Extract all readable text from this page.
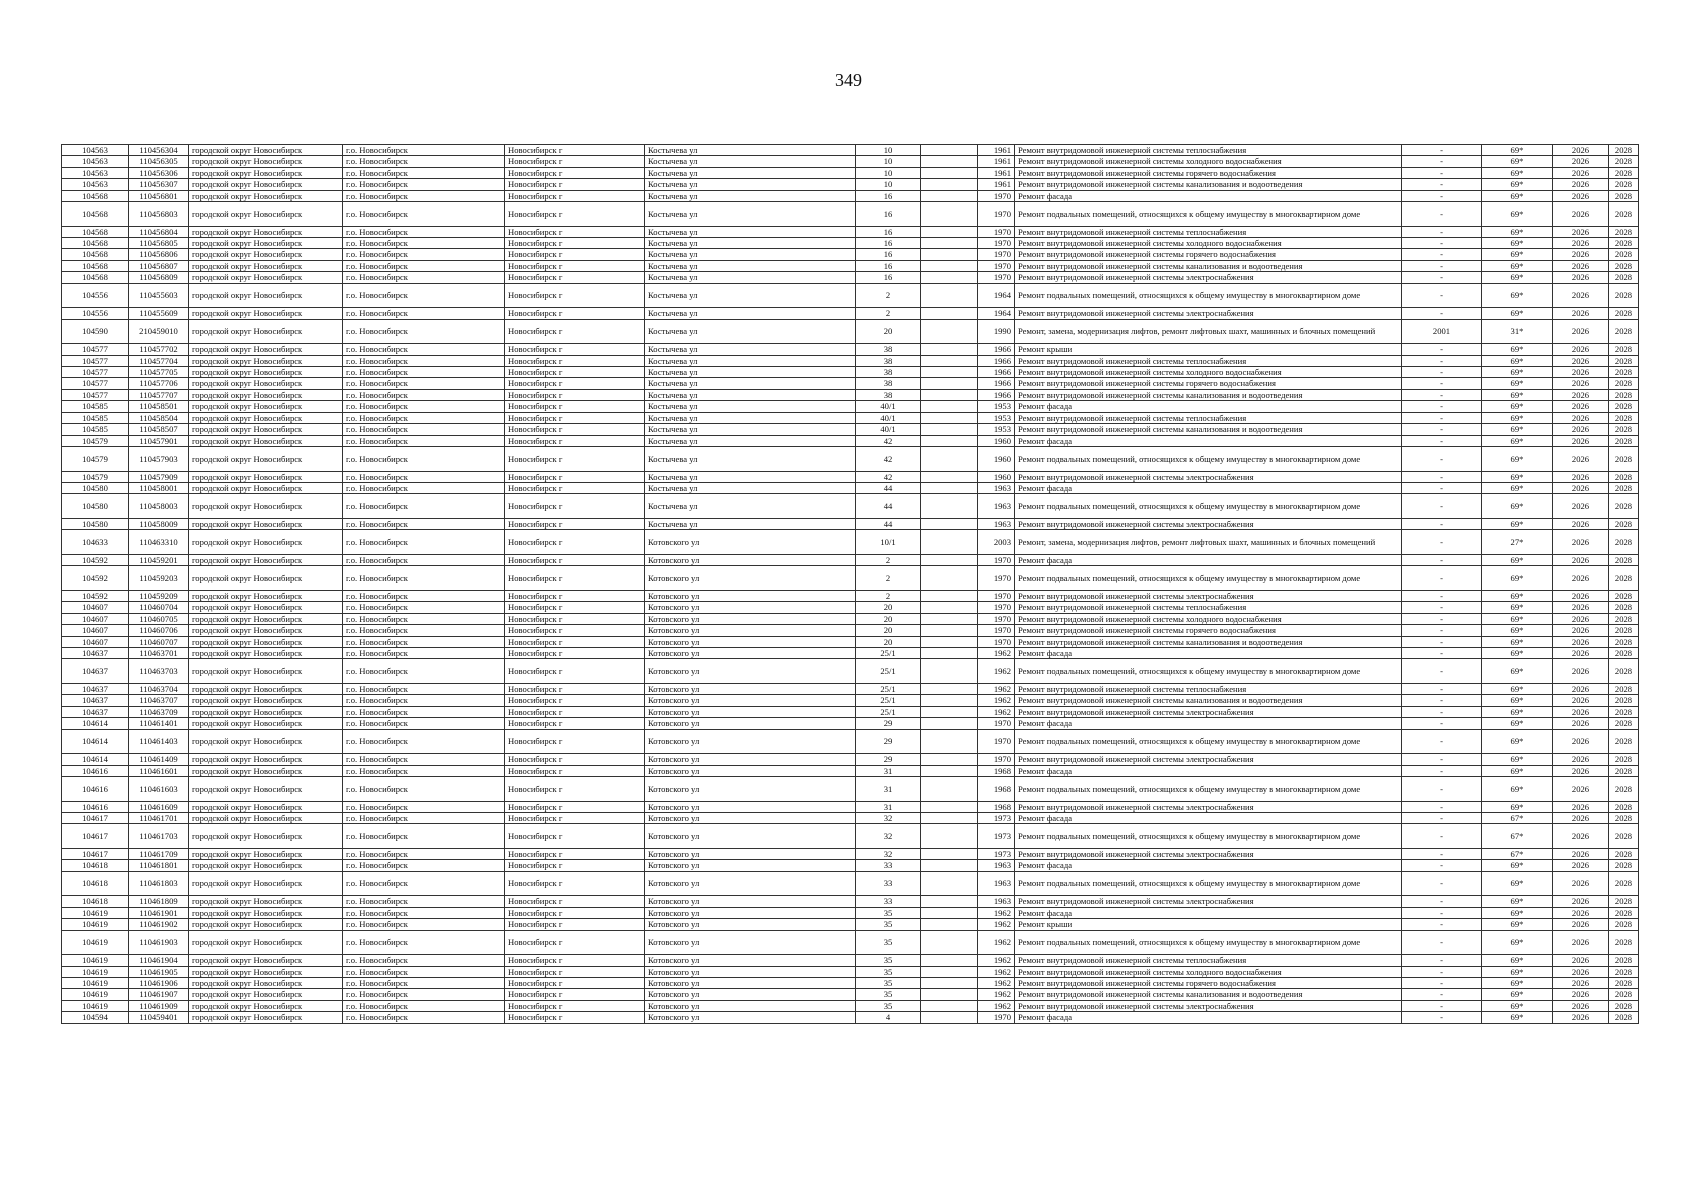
349
104563	110456304	городской округ Новосибирск	г.о. Новосибирск	Новосибирск г	Костычева ул	10		1961	Ремонт внутридомовой инженерной системы теплоснабжения	-	69*	2026	2028
104563	110456305	городской округ Новосибирск	г.о. Новосибирск	Новосибирск г	Костычева ул	10		1961	Ремонт внутридомовой инженерной системы холодного водоснабжения	-	69*	2026	2028
104563	110456306	городской округ Новосибирск	г.о. Новосибирск	Новосибирск г	Костычева ул	10		1961	Ремонт внутридомовой инженерной системы горячего водоснабжения	-	69*	2026	2028
104563	110456307	городской округ Новосибирск	г.о. Новосибирск	Новосибирск г	Костычева ул	10		1961	Ремонт внутридомовой инженерной системы канализования и водоотведения	-	69*	2026	2028
104568	110456801	городской округ Новосибирск	г.о. Новосибирск	Новосибирск г	Костычева ул	16		1970	Ремонт фасада	-	69*	2026	2028
104568	110456803	городской округ Новосибирск	г.о. Новосибирск	Новосибирск г	Костычева ул	16		1970	Ремонт подвальных помещений, относящихся к общему имуществу в многоквартирном доме	-	69*	2026	2028
104568	110456804	городской округ Новосибирск	г.о. Новосибирск	Новосибирск г	Костычева ул	16		1970	Ремонт внутридомовой инженерной системы теплоснабжения	-	69*	2026	2028
104568	110456805	городской округ Новосибирск	г.о. Новосибирск	Новосибирск г	Костычева ул	16		1970	Ремонт внутридомовой инженерной системы холодного водоснабжения	-	69*	2026	2028
104568	110456806	городской округ Новосибирск	г.о. Новосибирск	Новосибирск г	Костычева ул	16		1970	Ремонт внутридомовой инженерной системы горячего водоснабжения	-	69*	2026	2028
104568	110456807	городской округ Новосибирск	г.о. Новосибирск	Новосибирск г	Костычева ул	16		1970	Ремонт внутридомовой инженерной системы канализования и водоотведения	-	69*	2026	2028
104568	110456809	городской округ Новосибирск	г.о. Новосибирск	Новосибирск г	Костычева ул	16		1970	Ремонт внутридомовой инженерной системы электроснабжения	-	69*	2026	2028
104556	110455603	городской округ Новосибирск	г.о. Новосибирск	Новосибирск г	Костычева ул	2		1964	Ремонт подвальных помещений, относящихся к общему имуществу в многоквартирном доме	-	69*	2026	2028
104556	110455609	городской округ Новосибирск	г.о. Новосибирск	Новосибирск г	Костычева ул	2		1964	Ремонт внутридомовой инженерной системы электроснабжения	-	69*	2026	2028
104590	210459010	городской округ Новосибирск	г.о. Новосибирск	Новосибирск г	Костычева ул	20		1990	Ремонт, замена, модернизация лифтов, ремонт лифтовых шахт, машинных и блочных помещений	2001	31*	2026	2028
104577	110457702	городской округ Новосибирск	г.о. Новосибирск	Новосибирск г	Костычева ул	38		1966	Ремонт крыши	-	69*	2026	2028
104577	110457704	городской округ Новосибирск	г.о. Новосибирск	Новосибирск г	Костычева ул	38		1966	Ремонт внутридомовой инженерной системы теплоснабжения	-	69*	2026	2028
104577	110457705	городской округ Новосибирск	г.о. Новосибирск	Новосибирск г	Костычева ул	38		1966	Ремонт внутридомовой инженерной системы холодного водоснабжения	-	69*	2026	2028
104577	110457706	городской округ Новосибирск	г.о. Новосибирск	Новосибирск г	Костычева ул	38		1966	Ремонт внутридомовой инженерной системы горячего водоснабжения	-	69*	2026	2028
104577	110457707	городской округ Новосибирск	г.о. Новосибирск	Новосибирск г	Костычева ул	38		1966	Ремонт внутридомовой инженерной системы канализования и водоотведения	-	69*	2026	2028
104585	110458501	городской округ Новосибирск	г.о. Новосибирск	Новосибирск г	Костычева ул	40/1		1953	Ремонт фасада	-	69*	2026	2028
104585	110458504	городской округ Новосибирск	г.о. Новосибирск	Новосибирск г	Костычева ул	40/1		1953	Ремонт внутридомовой инженерной системы теплоснабжения	-	69*	2026	2028
104585	110458507	городской округ Новосибирск	г.о. Новосибирск	Новосибирск г	Костычева ул	40/1		1953	Ремонт внутридомовой инженерной системы канализования и водоотведения	-	69*	2026	2028
104579	110457901	городской округ Новосибирск	г.о. Новосибирск	Новосибирск г	Костычева ул	42		1960	Ремонт фасада	-	69*	2026	2028
104579	110457903	городской округ Новосибирск	г.о. Новосибирск	Новосибирск г	Костычева ул	42		1960	Ремонт подвальных помещений, относящихся к общему имуществу в многоквартирном доме	-	69*	2026	2028
104579	110457909	городской округ Новосибирск	г.о. Новосибирск	Новосибирск г	Костычева ул	42		1960	Ремонт внутридомовой инженерной системы электроснабжения	-	69*	2026	2028
104580	110458001	городской округ Новосибирск	г.о. Новосибирск	Новосибирск г	Костычева ул	44		1963	Ремонт фасада	-	69*	2026	2028
104580	110458003	городской округ Новосибирск	г.о. Новосибирск	Новосибирск г	Костычева ул	44		1963	Ремонт подвальных помещений, относящихся к общему имуществу в многоквартирном доме	-	69*	2026	2028
104580	110458009	городской округ Новосибирск	г.о. Новосибирск	Новосибирск г	Костычева ул	44		1963	Ремонт внутридомовой инженерной системы электроснабжения	-	69*	2026	2028
104633	110463310	городской округ Новосибирск	г.о. Новосибирск	Новосибирск г	Котовского ул	10/1		2003	Ремонт, замена, модернизация лифтов, ремонт лифтовых шахт, машинных и блочных помещений	-	27*	2026	2028
104592	110459201	городской округ Новосибирск	г.о. Новосибирск	Новосибирск г	Котовского ул	2		1970	Ремонт фасада	-	69*	2026	2028
104592	110459203	городской округ Новосибирск	г.о. Новосибирск	Новосибирск г	Котовского ул	2		1970	Ремонт подвальных помещений, относящихся к общему имуществу в многоквартирном доме	-	69*	2026	2028
104592	110459209	городской округ Новосибирск	г.о. Новосибирск	Новосибирск г	Котовского ул	2		1970	Ремонт внутридомовой инженерной системы электроснабжения	-	69*	2026	2028
104607	110460704	городской округ Новосибирск	г.о. Новосибирск	Новосибирск г	Котовского ул	20		1970	Ремонт внутридомовой инженерной системы теплоснабжения	-	69*	2026	2028
104607	110460705	городской округ Новосибирск	г.о. Новосибирск	Новосибирск г	Котовского ул	20		1970	Ремонт внутридомовой инженерной системы холодного водоснабжения	-	69*	2026	2028
104607	110460706	городской округ Новосибирск	г.о. Новосибирск	Новосибирск г	Котовского ул	20		1970	Ремонт внутридомовой инженерной системы горячего водоснабжения	-	69*	2026	2028
104607	110460707	городской округ Новосибирск	г.о. Новосибирск	Новосибирск г	Котовского ул	20		1970	Ремонт внутридомовой инженерной системы канализования и водоотведения	-	69*	2026	2028
104637	110463701	городской округ Новосибирск	г.о. Новосибирск	Новосибирск г	Котовского ул	25/1		1962	Ремонт фасада	-	69*	2026	2028
104637	110463703	городской округ Новосибирск	г.о. Новосибирск	Новосибирск г	Котовского ул	25/1		1962	Ремонт подвальных помещений, относящихся к общему имуществу в многоквартирном доме	-	69*	2026	2028
104637	110463704	городской округ Новосибирск	г.о. Новосибирск	Новосибирск г	Котовского ул	25/1		1962	Ремонт внутридомовой инженерной системы теплоснабжения	-	69*	2026	2028
104637	110463707	городской округ Новосибирск	г.о. Новосибирск	Новосибирск г	Котовского ул	25/1		1962	Ремонт внутридомовой инженерной системы канализования и водоотведения	-	69*	2026	2028
104637	110463709	городской округ Новосибирск	г.о. Новосибирск	Новосибирск г	Котовского ул	25/1		1962	Ремонт внутридомовой инженерной системы электроснабжения	-	69*	2026	2028
104614	110461401	городской округ Новосибирск	г.о. Новосибирск	Новосибирск г	Котовского ул	29		1970	Ремонт фасада	-	69*	2026	2028
104614	110461403	городской округ Новосибирск	г.о. Новосибирск	Новосибирск г	Котовского ул	29		1970	Ремонт подвальных помещений, относящихся к общему имуществу в многоквартирном доме	-	69*	2026	2028
104614	110461409	городской округ Новосибирск	г.о. Новосибирск	Новосибирск г	Котовского ул	29		1970	Ремонт внутридомовой инженерной системы электроснабжения	-	69*	2026	2028
104616	110461601	городской округ Новосибирск	г.о. Новосибирск	Новосибирск г	Котовского ул	31		1968	Ремонт фасада	-	69*	2026	2028
104616	110461603	городской округ Новосибирск	г.о. Новосибирск	Новосибирск г	Котовского ул	31		1968	Ремонт подвальных помещений, относящихся к общему имуществу в многоквартирном доме	-	69*	2026	2028
104616	110461609	городской округ Новосибирск	г.о. Новосибирск	Новосибирск г	Котовского ул	31		1968	Ремонт внутридомовой инженерной системы электроснабжения	-	69*	2026	2028
104617	110461701	городской округ Новосибирск	г.о. Новосибирск	Новосибирск г	Котовского ул	32		1973	Ремонт фасада	-	67*	2026	2028
104617	110461703	городской округ Новосибирск	г.о. Новосибирск	Новосибирск г	Котовского ул	32		1973	Ремонт подвальных помещений, относящихся к общему имуществу в многоквартирном доме	-	67*	2026	2028
104617	110461709	городской округ Новосибирск	г.о. Новосибирск	Новосибирск г	Котовского ул	32		1973	Ремонт внутридомовой инженерной системы электроснабжения	-	67*	2026	2028
104618	110461801	городской округ Новосибирск	г.о. Новосибирск	Новосибирск г	Котовского ул	33		1963	Ремонт фасада	-	69*	2026	2028
104618	110461803	городской округ Новосибирск	г.о. Новосибирск	Новосибирск г	Котовского ул	33		1963	Ремонт подвальных помещений, относящихся к общему имуществу в многоквартирном доме	-	69*	2026	2028
104618	110461809	городской округ Новосибирск	г.о. Новосибирск	Новосибирск г	Котовского ул	33		1963	Ремонт внутридомовой инженерной системы электроснабжения	-	69*	2026	2028
104619	110461901	городской округ Новосибирск	г.о. Новосибирск	Новосибирск г	Котовского ул	35		1962	Ремонт фасада	-	69*	2026	2028
104619	110461902	городской округ Новосибирск	г.о. Новосибирск	Новосибирск г	Котовского ул	35		1962	Ремонт крыши	-	69*	2026	2028
104619	110461903	городской округ Новосибирск	г.о. Новосибирск	Новосибирск г	Котовского ул	35		1962	Ремонт подвальных помещений, относящихся к общему имуществу в многоквартирном доме	-	69*	2026	2028
104619	110461904	городской округ Новосибирск	г.о. Новосибирск	Новосибирск г	Котовского ул	35		1962	Ремонт внутридомовой инженерной системы теплоснабжения	-	69*	2026	2028
104619	110461905	городской округ Новосибирск	г.о. Новосибирск	Новосибирск г	Котовского ул	35		1962	Ремонт внутридомовой инженерной системы холодного водоснабжения	-	69*	2026	2028
104619	110461906	городской округ Новосибирск	г.о. Новосибирск	Новосибирск г	Котовского ул	35		1962	Ремонт внутридомовой инженерной системы горячего водоснабжения	-	69*	2026	2028
104619	110461907	городской округ Новосибирск	г.о. Новосибирск	Новосибирск г	Котовского ул	35		1962	Ремонт внутридомовой инженерной системы канализования и водоотведения	-	69*	2026	2028
104619	110461909	городской округ Новосибирск	г.о. Новосибирск	Новосибирск г	Котовского ул	35		1962	Ремонт внутридомовой инженерной системы электроснабжения	-	69*	2026	2028
104594	110459401	городской округ Новосибирск	г.о. Новосибирск	Новосибирск г	Котовского ул	4		1970	Ремонт фасада	-	69*	2026	2028
